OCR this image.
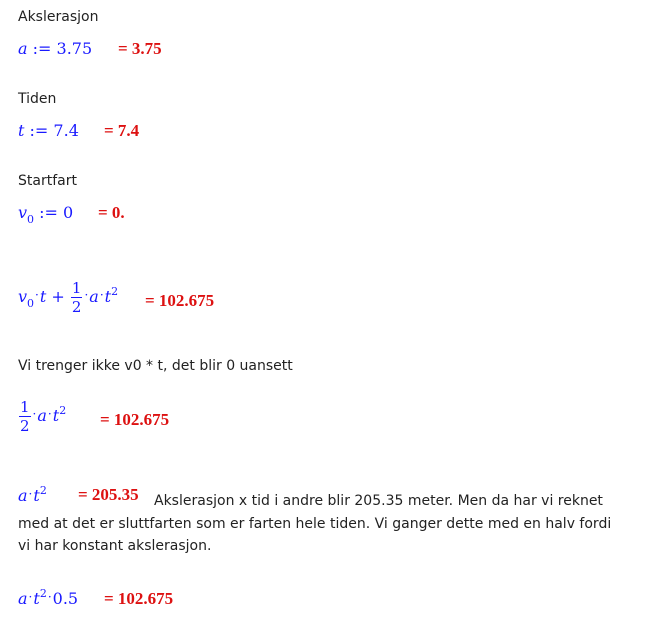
Akslerasjon
a := 3.75 = 3.75
Tiden
t := 7.4 = 7.4
Startfart
$v_0$ := 0 = 0.
$v_0\cdot t + \frac{1}{2} \cdot a\cdot t^2 = 102.675$
Vi trenger ikke v0 * t, det blir 0 uansett
$\frac{1}{2} \cdot a\cdot t^2 = 102.675$
$a\cdot t^2 = 205.35$ Akslerasjon x tid i andre blir 205.35 meter. Men da har vi reknet
med at det er sluttfarten som er farten hele tiden. Vi ganger dette med en halv fordi
vi har konstant akslerasjon.
$a\cdot t^2\cdot 0.5 = 102.675$
